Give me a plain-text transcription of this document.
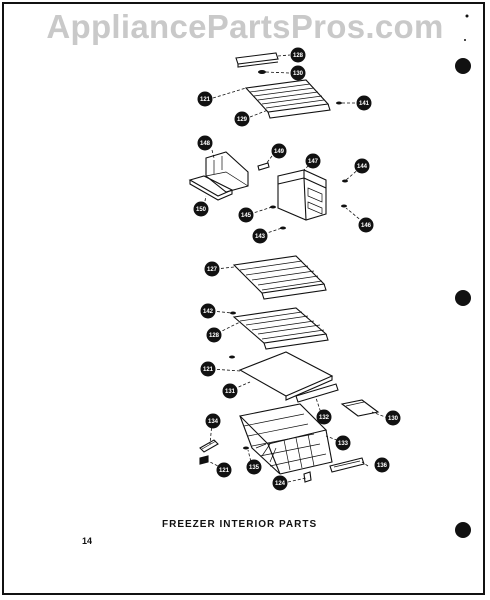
AppliancePartsPros.com
128
130
121
129
141
148
149
147
144
150
145
146
143
127
142
128
121
131
132	130
133
134
121	135	136
124
FREEZER INTERIOR PARTS
14
